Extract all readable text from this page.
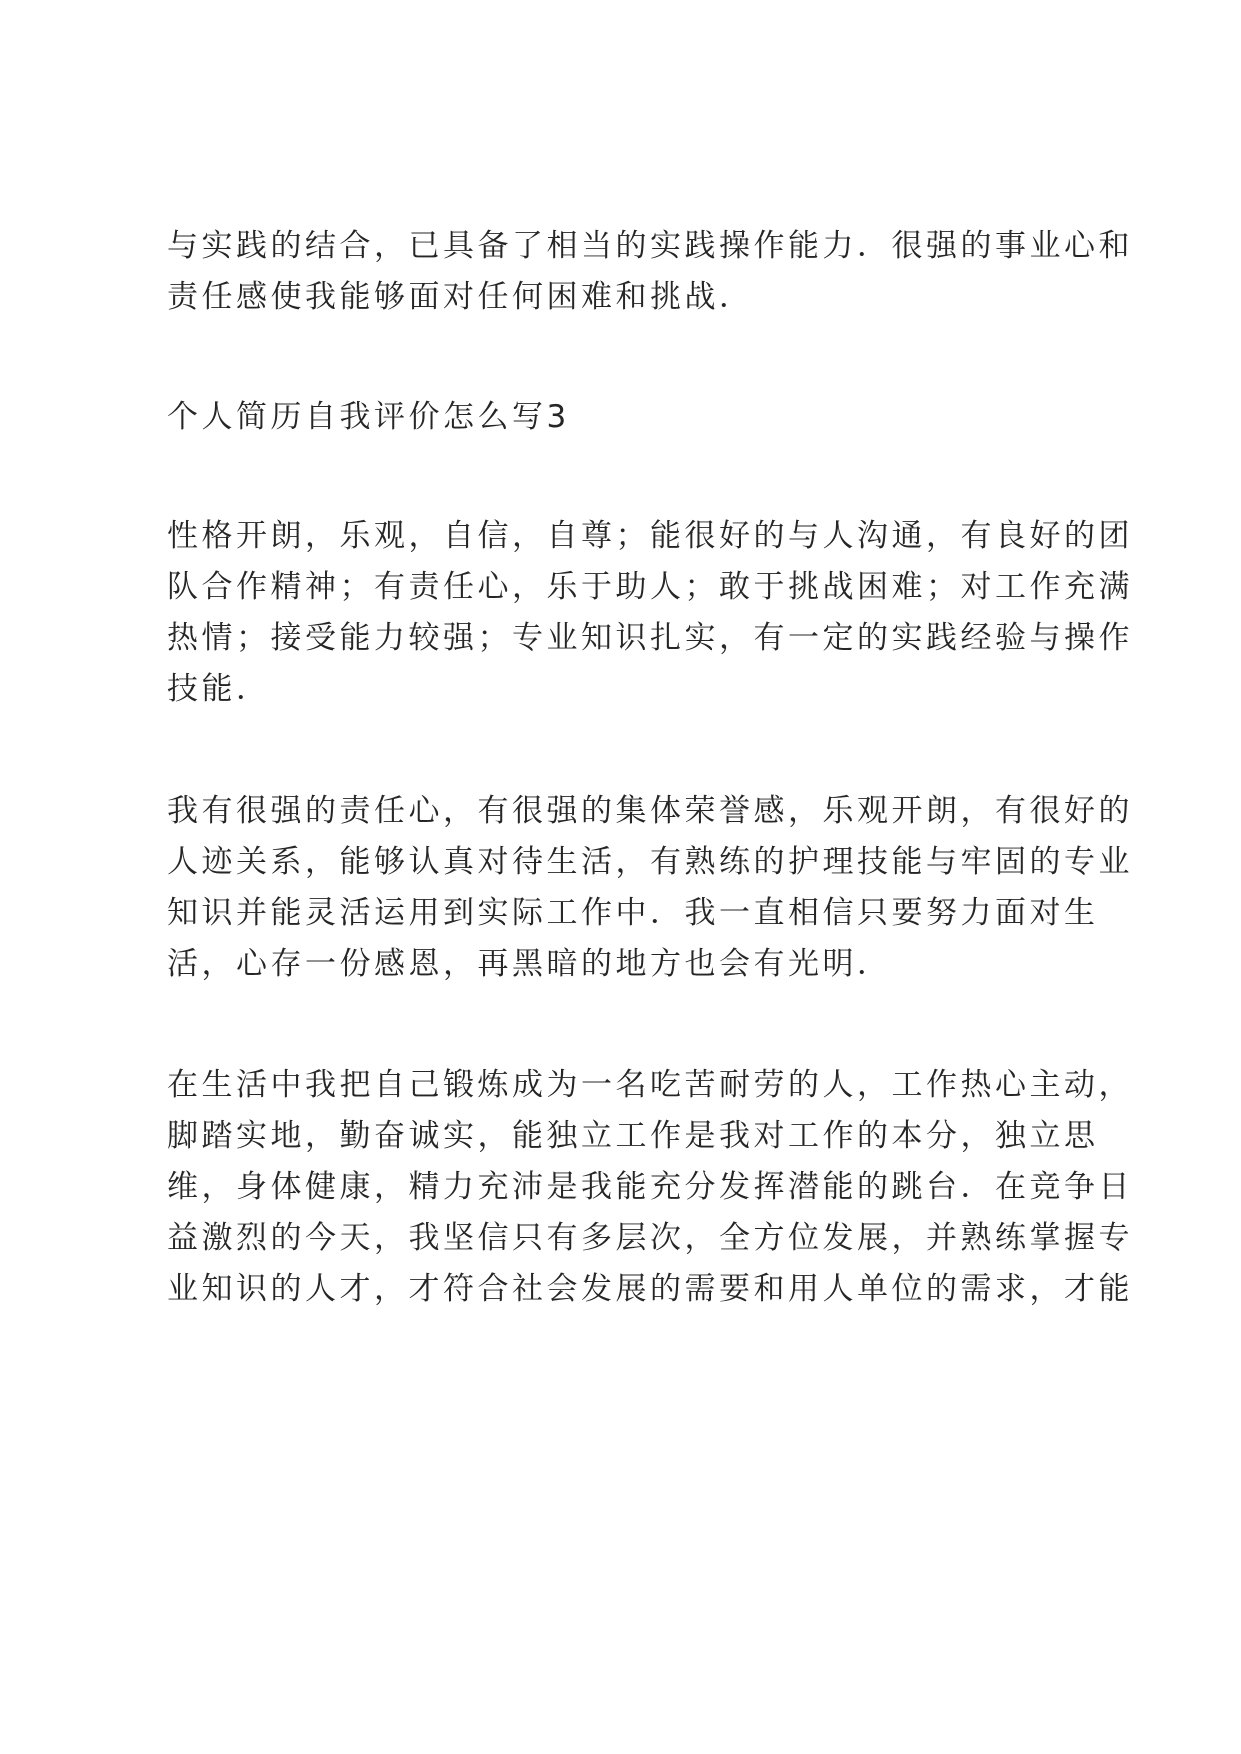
与实践的结合，已具备了相当的实践操作能力．很强的事业心和
责任感使我能够面对任何困难和挑战．

个人简历自我评价怎么写3

性格开朗，乐观，自信，自尊；能很好的与人沟通，有良好的团
队合作精神；有责任心，乐于助人；敢于挑战困难；对工作充满
热情；接受能力较强；专业知识扎实，有一定的实践经验与操作
技能．

我有很强的责任心，有很强的集体荣誉感，乐观开朗，有很好的
人迹关系，能够认真对待生活，有熟练的护理技能与牢固的专业
知识并能灵活运用到实际工作中．我一直相信只要努力面对生
活，心存一份感恩，再黑暗的地方也会有光明．

在生活中我把自己锻炼成为一名吃苦耐劳的人，工作热心主动，
脚踏实地，勤奋诚实，能独立工作是我对工作的本分，独立思
维，身体健康，精力充沛是我能充分发挥潜能的跳台．在竞争日
益激烈的今天，我坚信只有多层次，全方位发展，并熟练掌握专
业知识的人才，才符合社会发展的需要和用人单位的需求，才能
